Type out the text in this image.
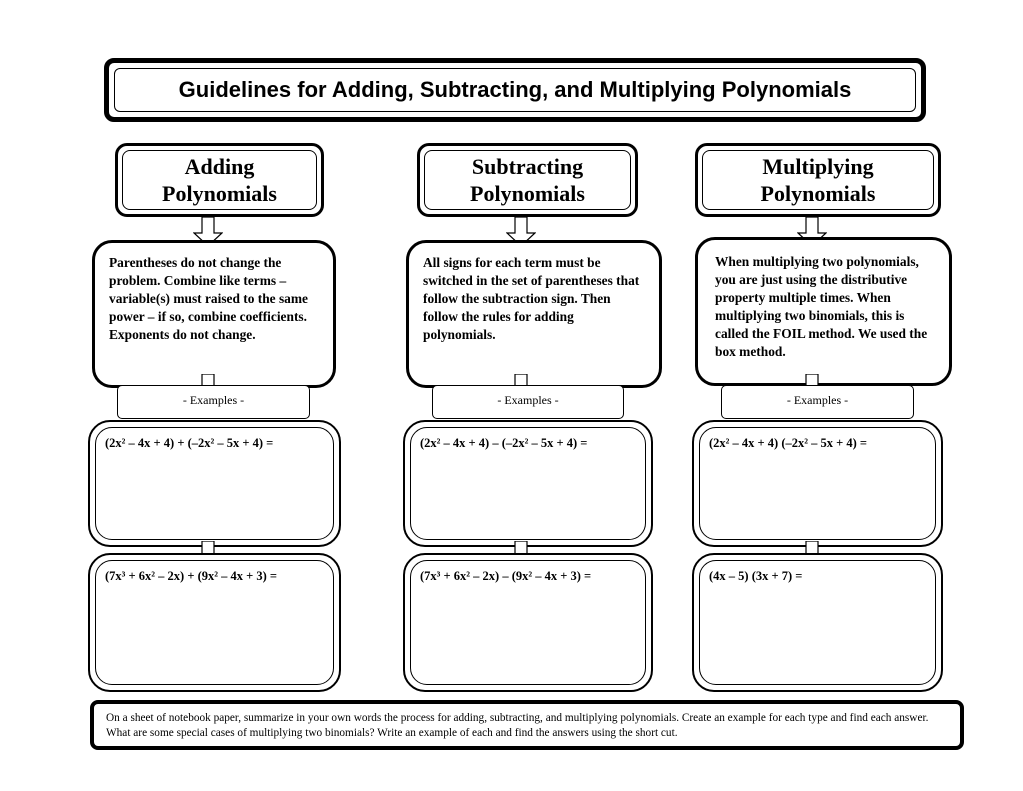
Guidelines for Adding, Subtracting, and Multiplying Polynomials
Adding
Polynomials
Parentheses do not change the problem. Combine like terms – variable(s) must raised to the same power – if so, combine coefficients. Exponents do not change.
- Examples -
(2x² – 4x + 4) + (–2x² – 5x + 4) =
(7x³ + 6x² – 2x) + (9x² – 4x + 3) =
Subtracting
Polynomials
All signs for each term must be switched in the set of parentheses that follow the subtraction sign. Then follow the rules for adding polynomials.
- Examples -
(2x² – 4x + 4) – (–2x² – 5x + 4) =
(7x³ + 6x² – 2x) – (9x² – 4x + 3) =
Multiplying
Polynomials
When multiplying two polynomials, you are just using the distributive property multiple times. When multiplying two binomials, this is called the FOIL method. We used the box method.
- Examples -
(2x² – 4x + 4) (–2x² – 5x + 4) =
(4x – 5) (3x + 7) =
On a sheet of notebook paper, summarize in your own words the process for adding, subtracting, and multiplying polynomials. Create an example for each type and find each answer. What are some special cases of multiplying two binomials? Write an example of each and find the answers using the short cut.
